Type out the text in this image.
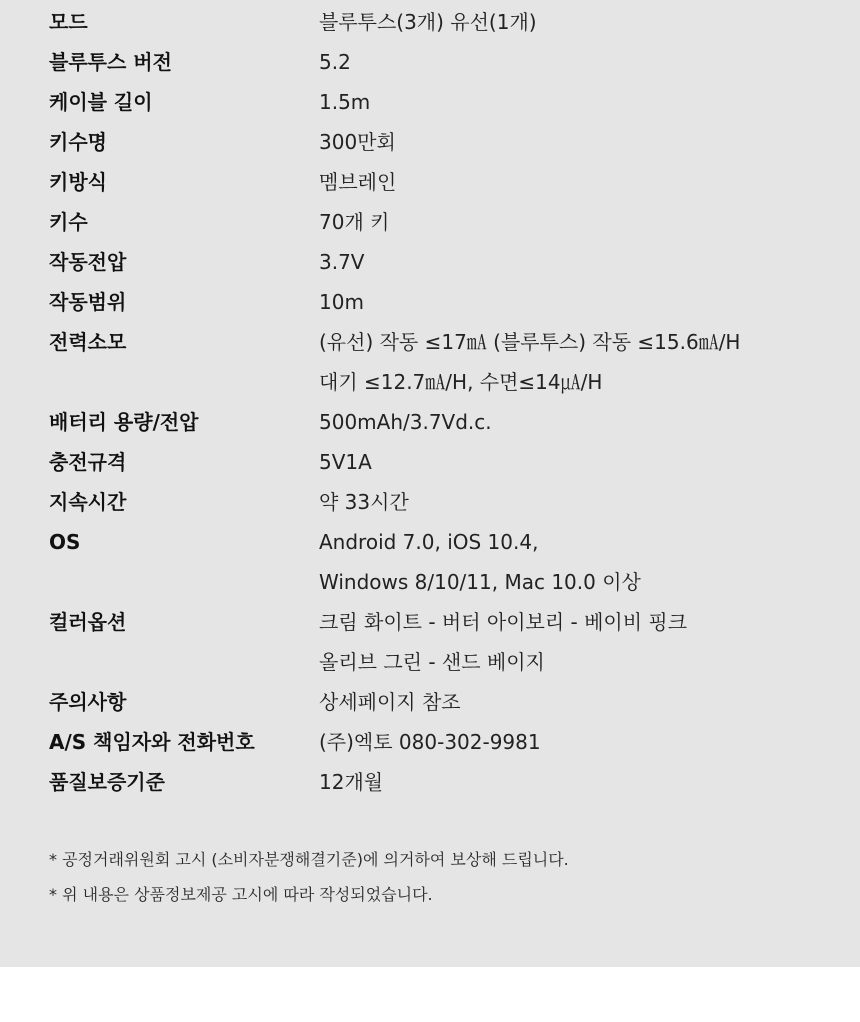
모드	블루투스(3개) 유선(1개)
블루투스 버전	5.2
케이블 길이	1.5m
키수명	300만회
키방식	멤브레인
키수	70개 키
작동전압	3.7V
작동범위	10m
전력소모	(유선) 작동 ≤17㎃ (블루투스) 작동 ≤15.6㎃/H
대기 ≤12.7㎃/H, 수면≤14㎂/H
배터리 용량/전압	500mAh/3.7Vd.c.
충전규격	5V1A
지속시간	약 33시간
OS	Android 7.0, iOS 10.4,
Windows 8/10/11, Mac 10.0 이상
컬러옵션	크림 화이트 - 버터 아이보리 - 베이비 핑크
올리브 그린 - 샌드 베이지
주의사항	상세페이지 참조
A/S 책임자와 전화번호	(주)엑토 080-302-9981
품질보증기준	12개월
* 공정거래위원회 고시 (소비자분쟁해결기준)에 의거하여 보상해 드립니다.
* 위 내용은 상품정보제공 고시에 따라 작성되었습니다.
